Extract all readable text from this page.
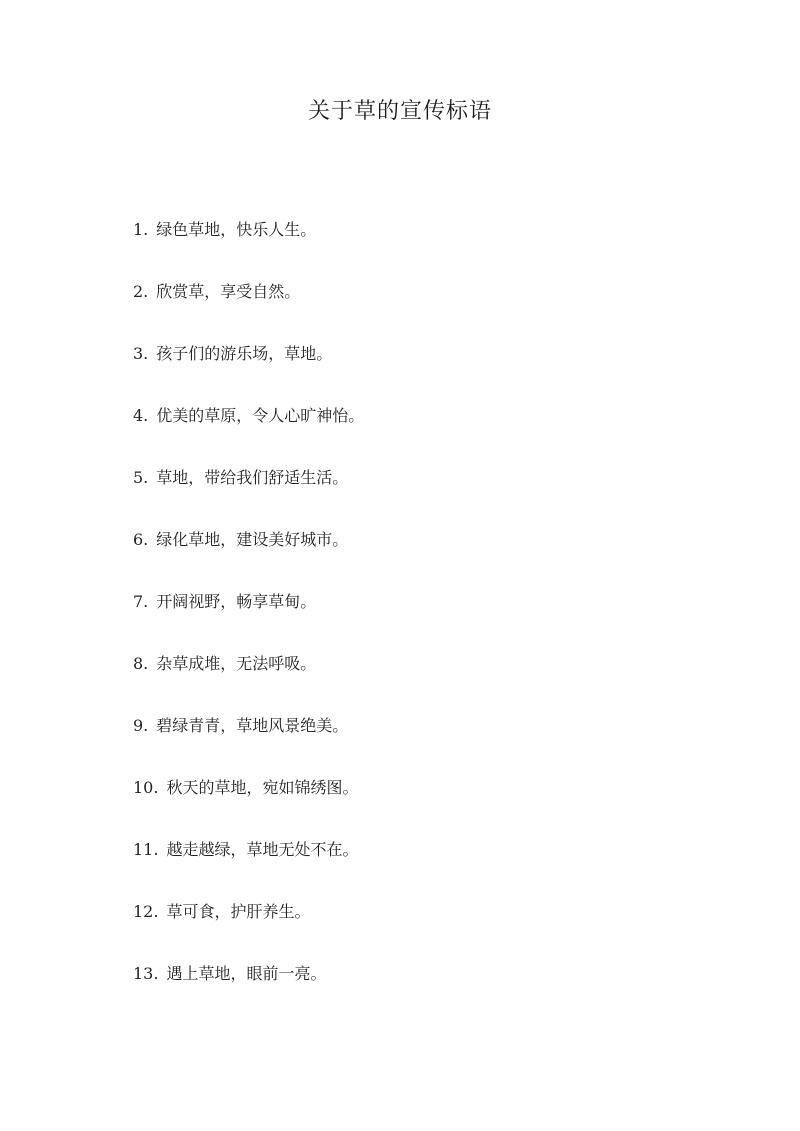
关于草的宣传标语
1. 绿色草地，快乐人生。
2. 欣赏草，享受自然。
3. 孩子们的游乐场，草地。
4. 优美的草原，令人心旷神怡。
5. 草地，带给我们舒适生活。
6. 绿化草地，建设美好城市。
7. 开阔视野，畅享草甸。
8. 杂草成堆，无法呼吸。
9. 碧绿青青，草地风景绝美。
10. 秋天的草地，宛如锦绣图。
11. 越走越绿，草地无处不在。
12. 草可食，护肝养生。
13. 遇上草地，眼前一亮。
